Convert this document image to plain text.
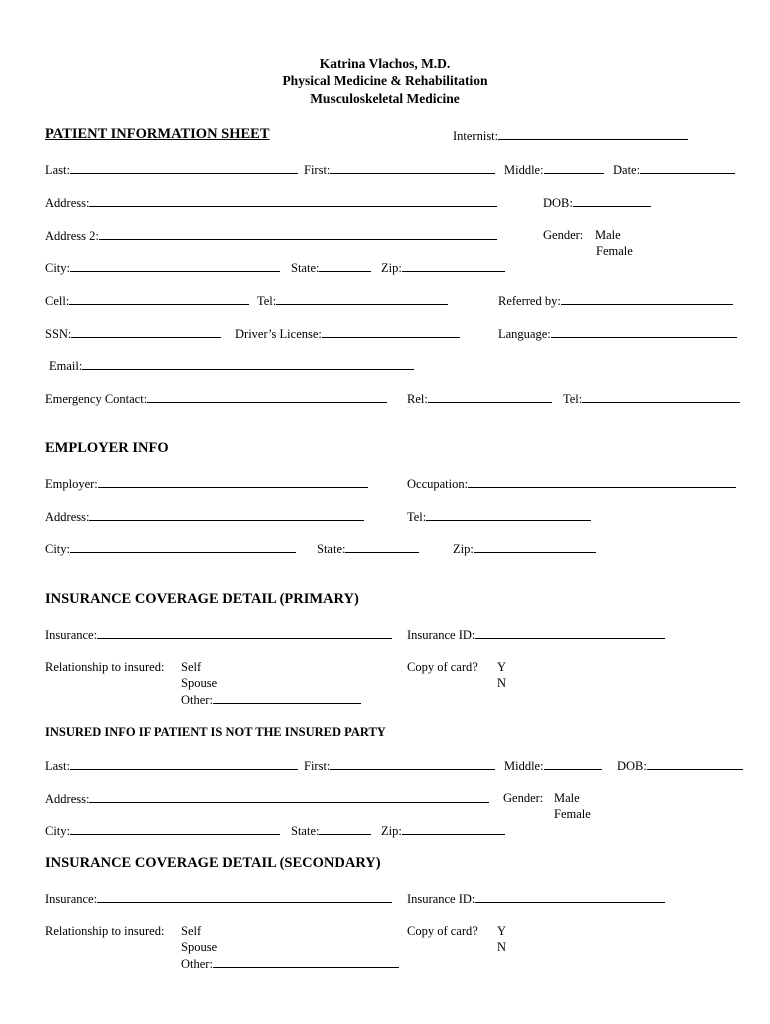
Katrina Vlachos, M.D.
Physical Medicine & Rehabilitation
Musculoskeletal Medicine
PATIENT INFORMATION SHEET	Internist:
Last:	First:	Middle:	Date:
Address:	DOB:
Address 2:	Gender: Male
Female
City:	State:	Zip:
Cell:	Tel:	Referred by:
SSN:	Driver’s License:	Language:
Email:
Emergency Contact:	Rel:	Tel:
EMPLOYER INFO
Employer:	Occupation:
Address:	Tel:
City:	State:	Zip:
INSURANCE COVERAGE DETAIL (PRIMARY)
Insurance:	Insurance ID:
Relationship to insured: Self
Spouse
Other:
Copy of card? Y
N
INSURED INFO IF PATIENT IS NOT THE INSURED PARTY
Last:	First:	Middle:	DOB:
Address:	Gender: Male
Female
City:	State:	Zip:
INSURANCE COVERAGE DETAIL (SECONDARY)
Insurance:	Insurance ID:
Relationship to insured: Self
Spouse
Other:
Copy of card? Y
N
